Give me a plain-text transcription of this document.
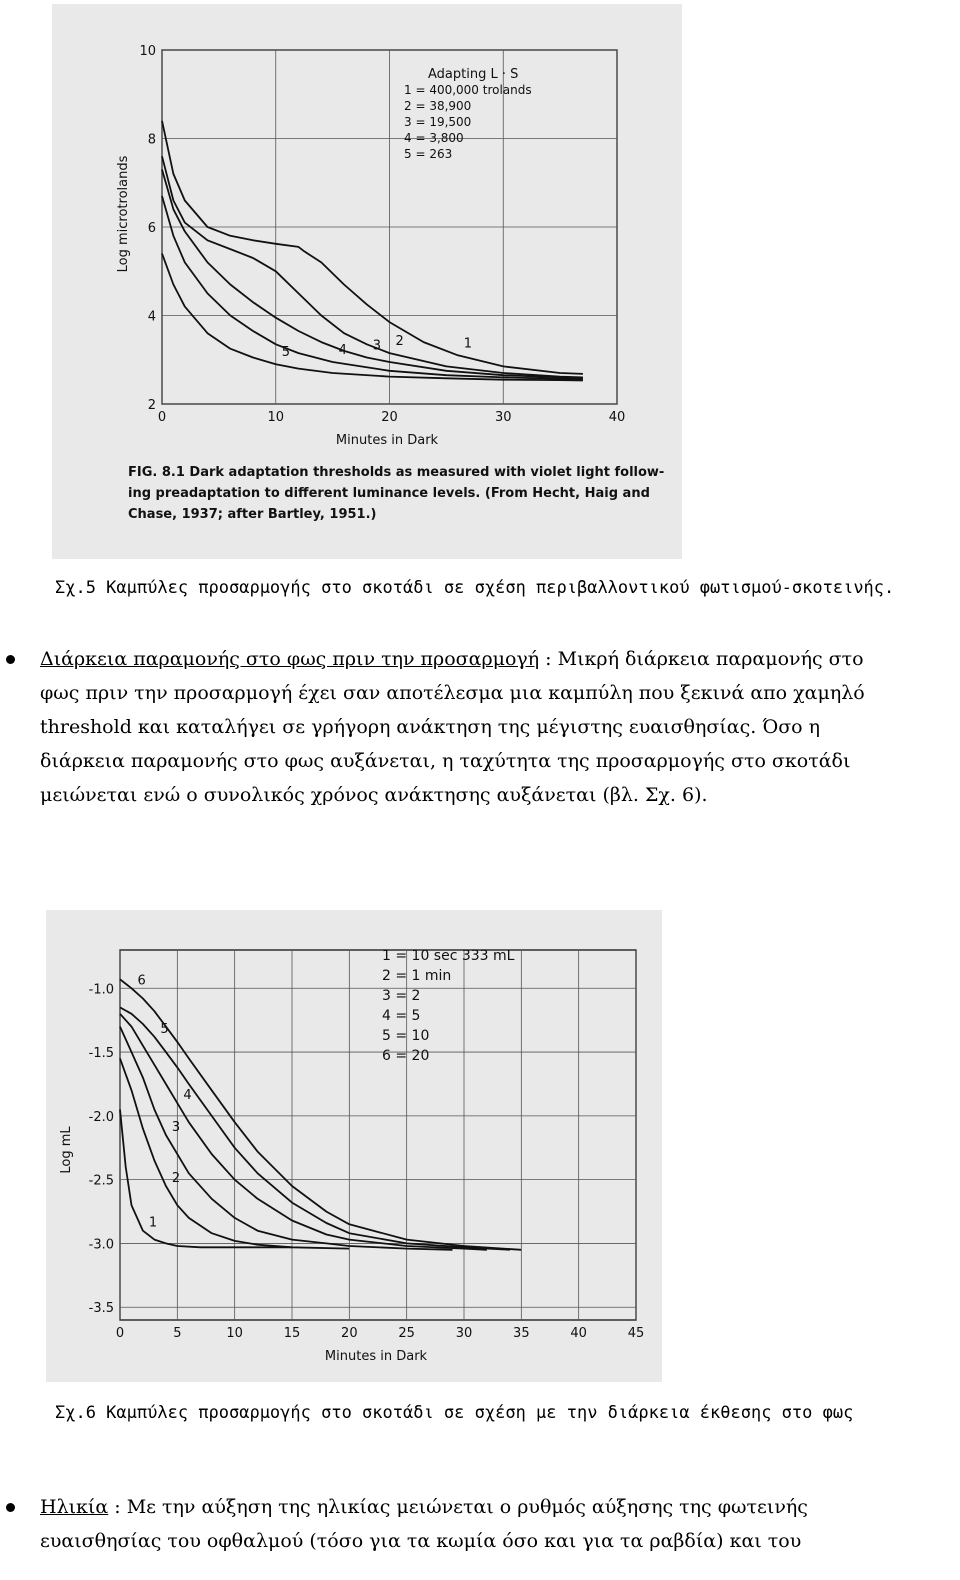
0	10	20	30	40
2
4
6
8
10
1
2
3
4
5
Log microtrolands
Minutes in Dark
Adapting L · S
1 = 400,000 trolands
2 = 38,900
3 = 19,500
4 = 3,800
5 = 263
FIG. 8.1 Dark adaptation thresholds as measured with violet light follow-
ing preadaptation to different luminance levels. (From Hecht, Haig and
Chase, 1937; after Bartley, 1951.)
Σχ.5 Καμπύλες προσαρμογής στο σκοτάδι σε σχέση περιβαλλοντικού φωτισμού-σκοτεινής.
Διάρκεια παραμονής στο φως πριν την προσαρμογή : Μικρή διάρκεια παραμονής στο
φως πριν την προσαρμογή έχει σαν αποτέλεσμα μια καμπύλη που ξεκινά απο χαμηλό
threshold και καταλήγει σε γρήγορη ανάκτηση της μέγιστης ευαισθησίας. Όσο η
διάρκεια παραμονής στο φως αυξάνεται, η ταχύτητα της προσαρμογής στο σκοτάδι
μειώνεται ενώ ο συνολικός χρόνος ανάκτησης αυξάνεται (βλ. Σχ. 6).
0	5	10	15	20	25	30	35	40	45
-1.0
-1.5
-2.0
-2.5
-3.0
-3.5
1
2
3
4
5
6
Log mL
Minutes in Dark
1 = 10 sec 333 mL
2 = 1 min
3 = 2
4 = 5
5 = 10
6 = 20
Σχ.6 Καμπύλες προσαρμογής στο σκοτάδι σε σχέση με την διάρκεια έκθεσης στο φως
Ηλικία : Με την αύξηση της ηλικίας μειώνεται ο ρυθμός αύξησης της φωτεινής
ευαισθησίας του οφθαλμού (τόσο για τα κωμία όσο και για τα ραβδία) και του
